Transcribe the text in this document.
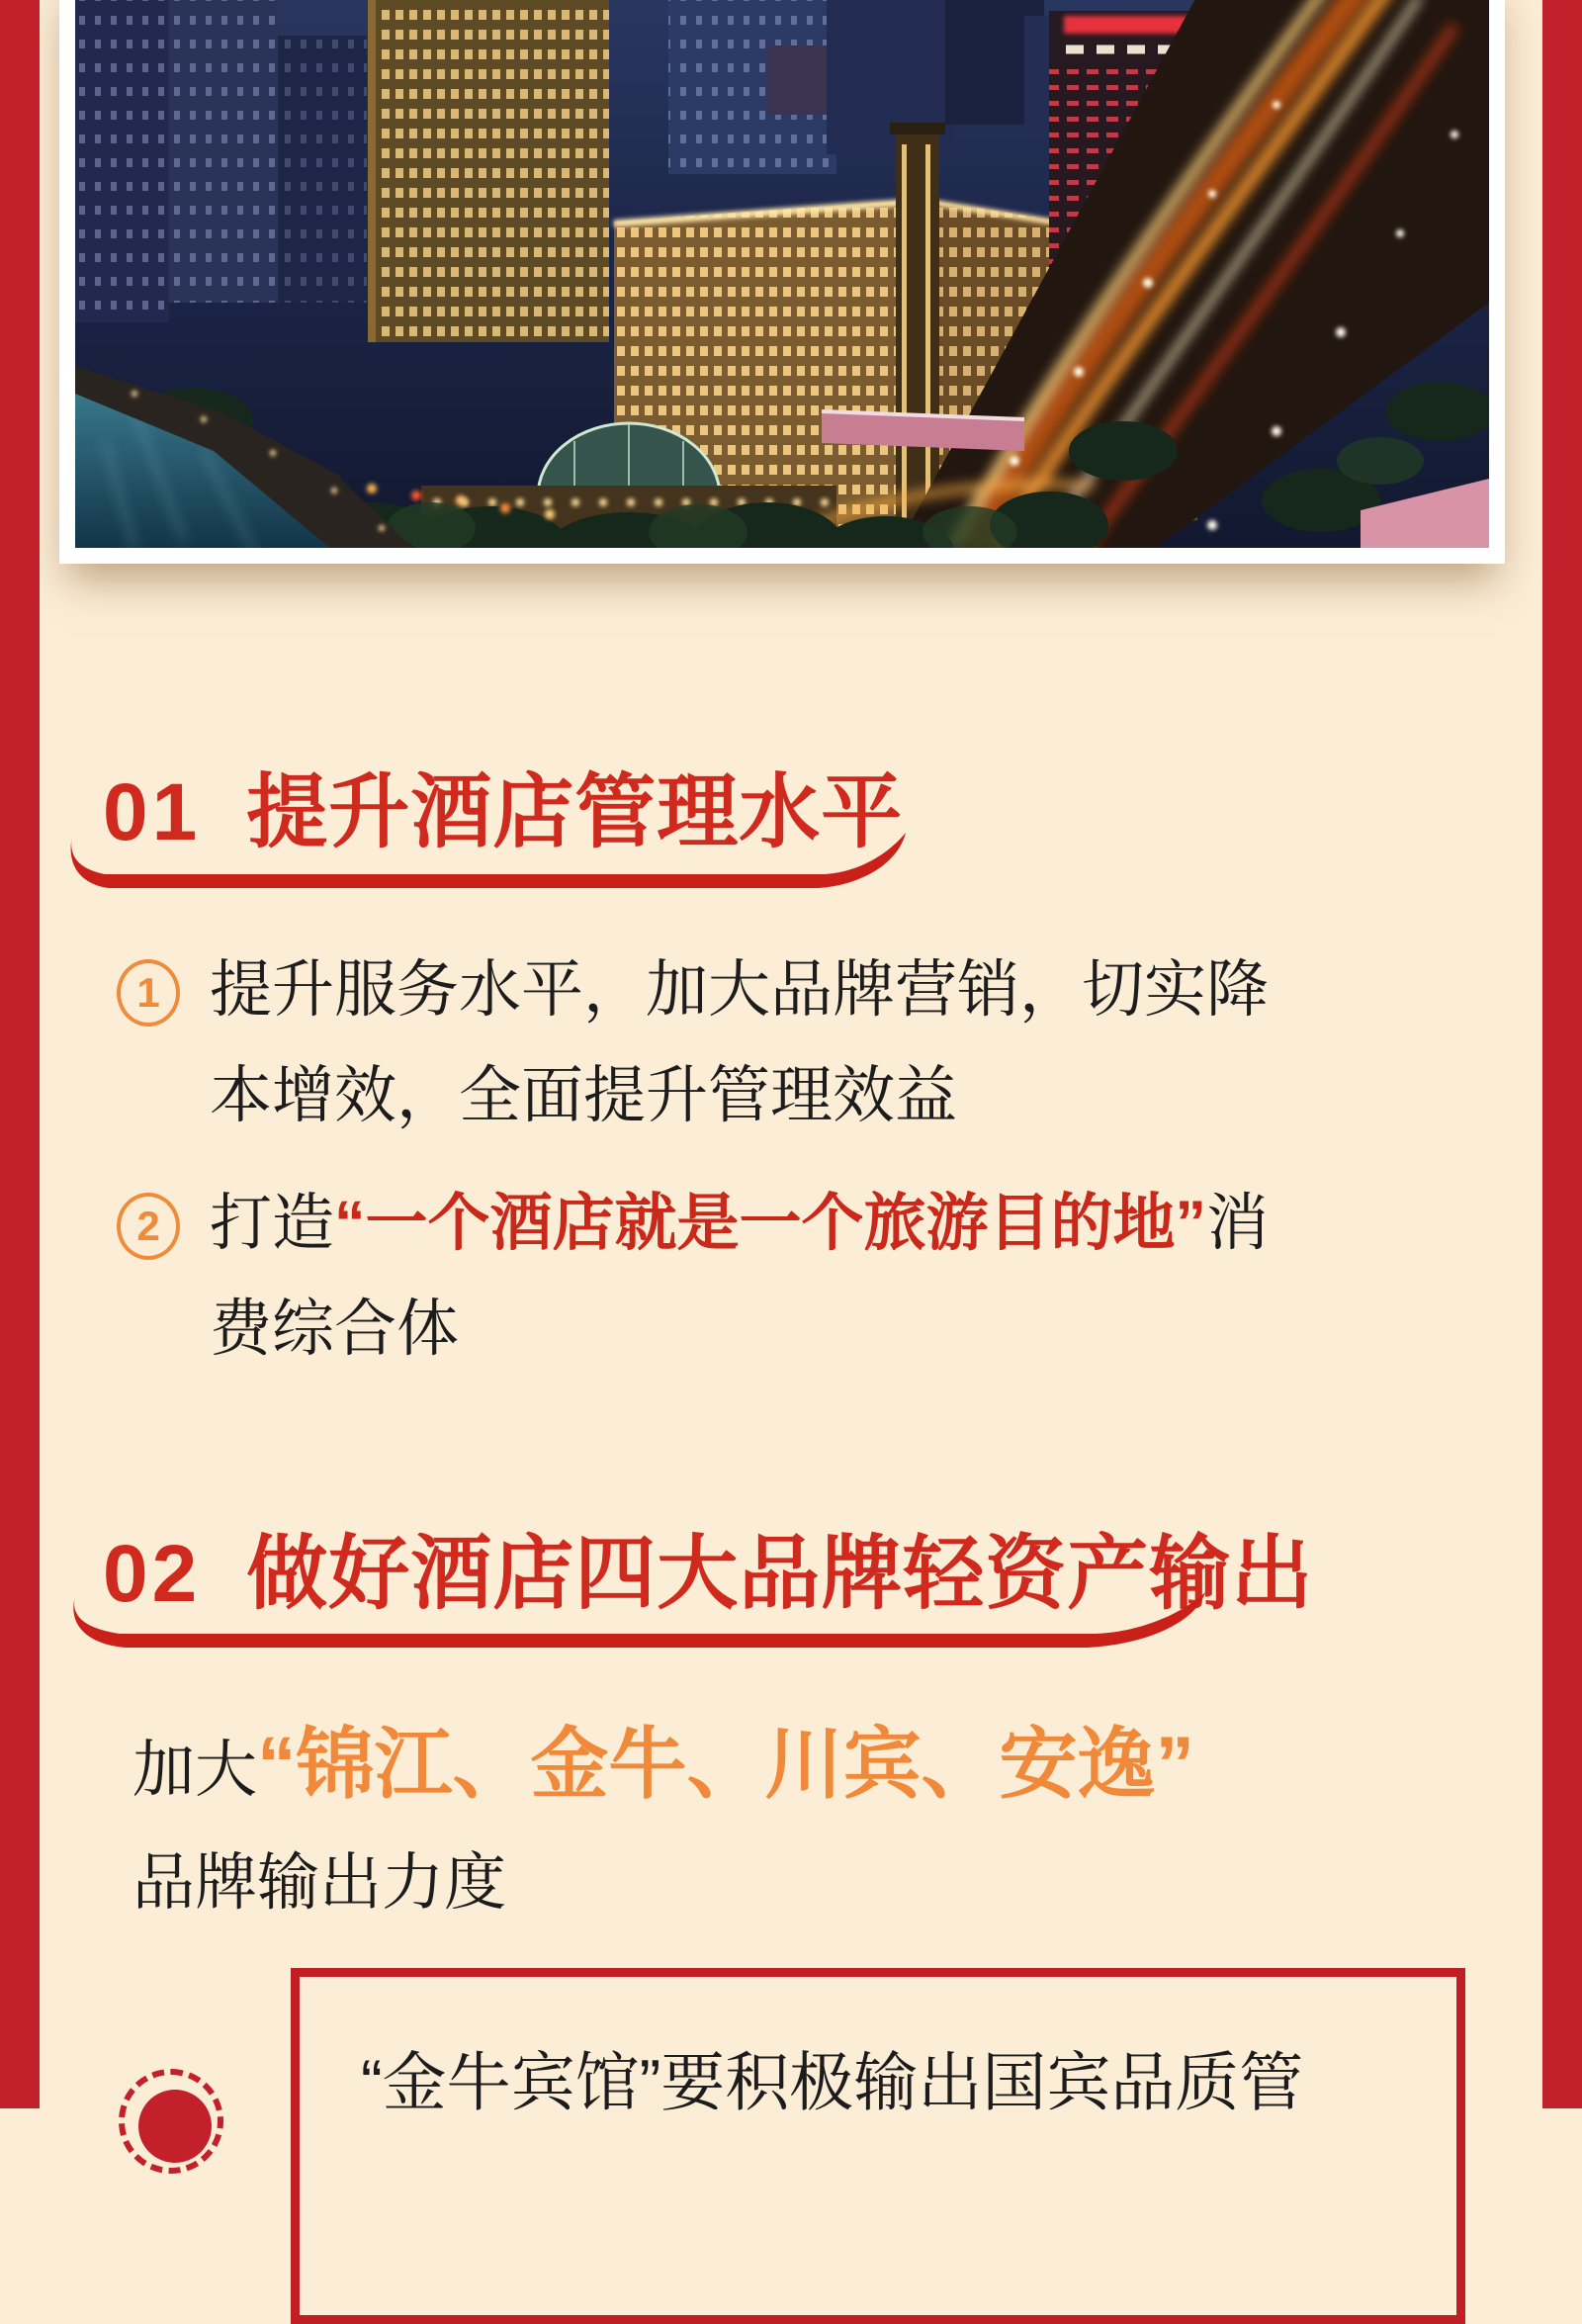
01 提升酒店管理水平
1 提升服务水平，加大品牌营销，切实降
本增效，全面提升管理效益
2 打造“一个酒店就是一个旅游目的地”消
费综合体
02 做好酒店四大品牌轻资产输出
加大“锦江、金牛、川宾、安逸”
品牌输出力度
“金牛宾馆”要积极输出国宾品质管
